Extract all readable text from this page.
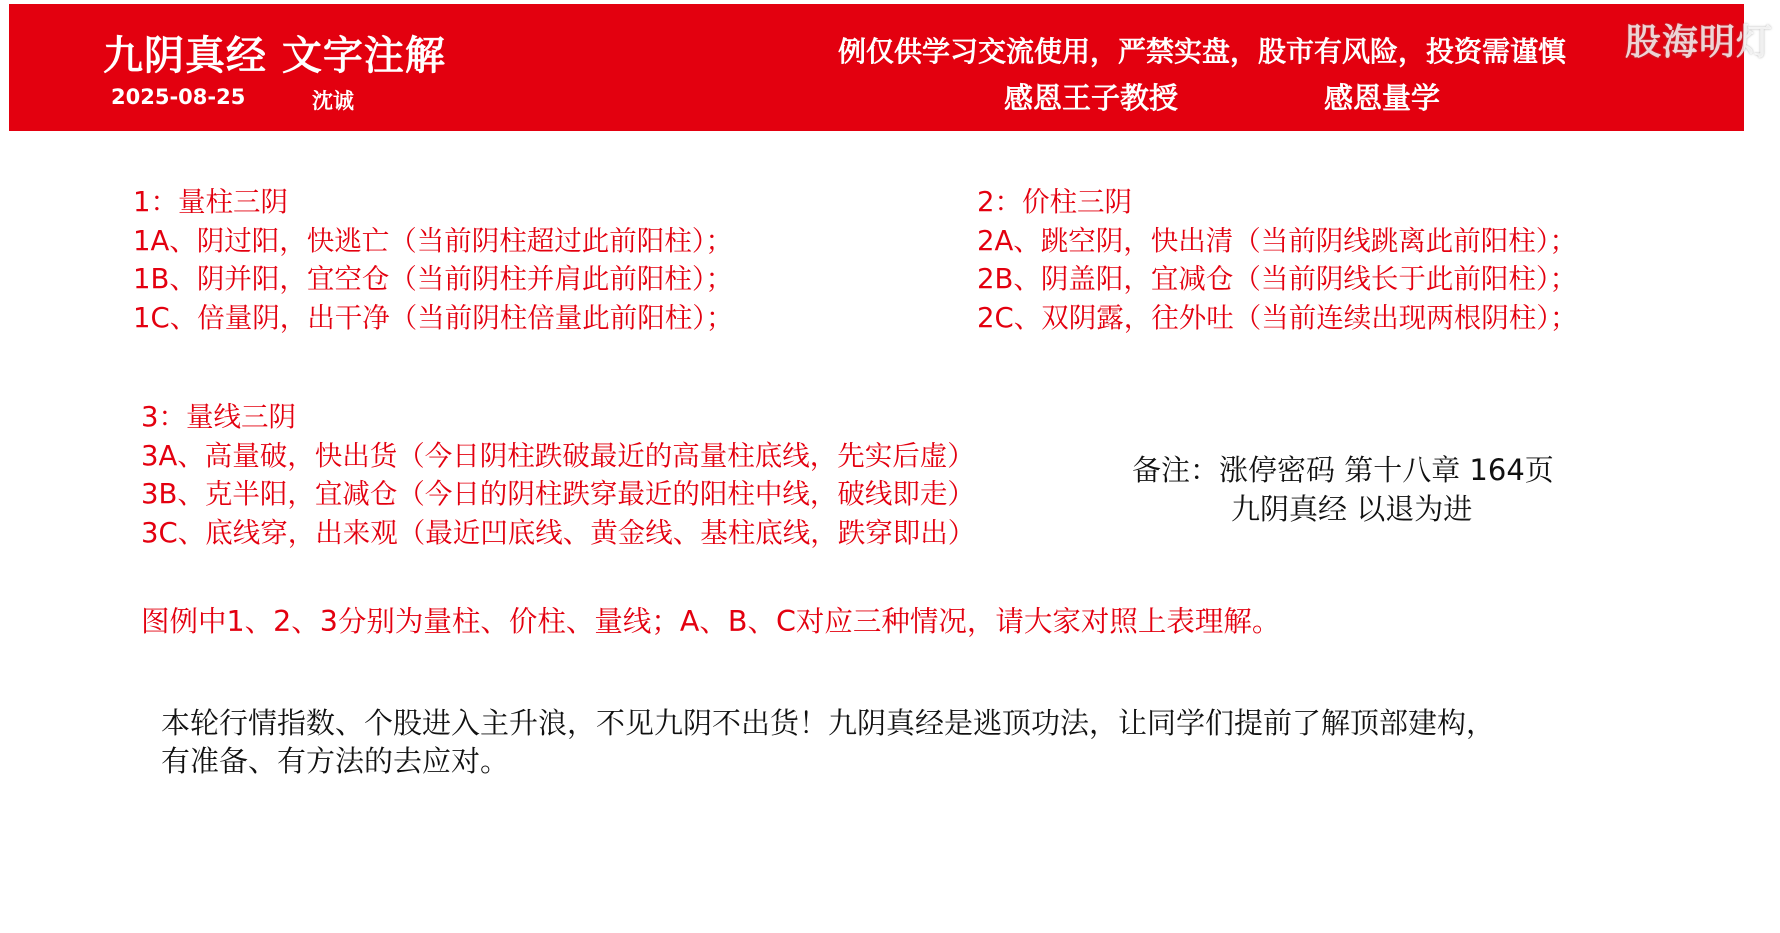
九阴真经 文字注解
2025-08-25	沈诚
例仅供学习交流使用，严禁实盘，股市有风险，投资需谨慎
感恩王子教授	感恩量学
股海明灯
1：量柱三阴
1A、阴过阳，快逃亡（当前阴柱超过此前阳柱）；
1B、阴并阳，宜空仓（当前阴柱并肩此前阳柱）；
1C、倍量阴，出干净（当前阴柱倍量此前阳柱）；
2：价柱三阴
2A、跳空阴，快出清（当前阴线跳离此前阳柱）；
2B、阴盖阳，宜减仓（当前阴线长于此前阳柱）；
2C、双阴露，往外吐（当前连续出现两根阴柱）；
3：量线三阴
3A、高量破，快出货（今日阴柱跌破最近的高量柱底线，先实后虚）
3B、克半阳，宜减仓（今日的阴柱跌穿最近的阳柱中线，破线即走）
3C、底线穿，出来观（最近凹底线、黄金线、基柱底线，跌穿即出）
备注：涨停密码 第十八章 164页
九阴真经 以退为进
图例中1、2、3分别为量柱、价柱、量线；A、B、C对应三种情况，请大家对照上表理解。
本轮行情指数、个股进入主升浪，不见九阴不出货！九阴真经是逃顶功法，让同学们提前了解顶部建构，
有准备、有方法的去应对。
